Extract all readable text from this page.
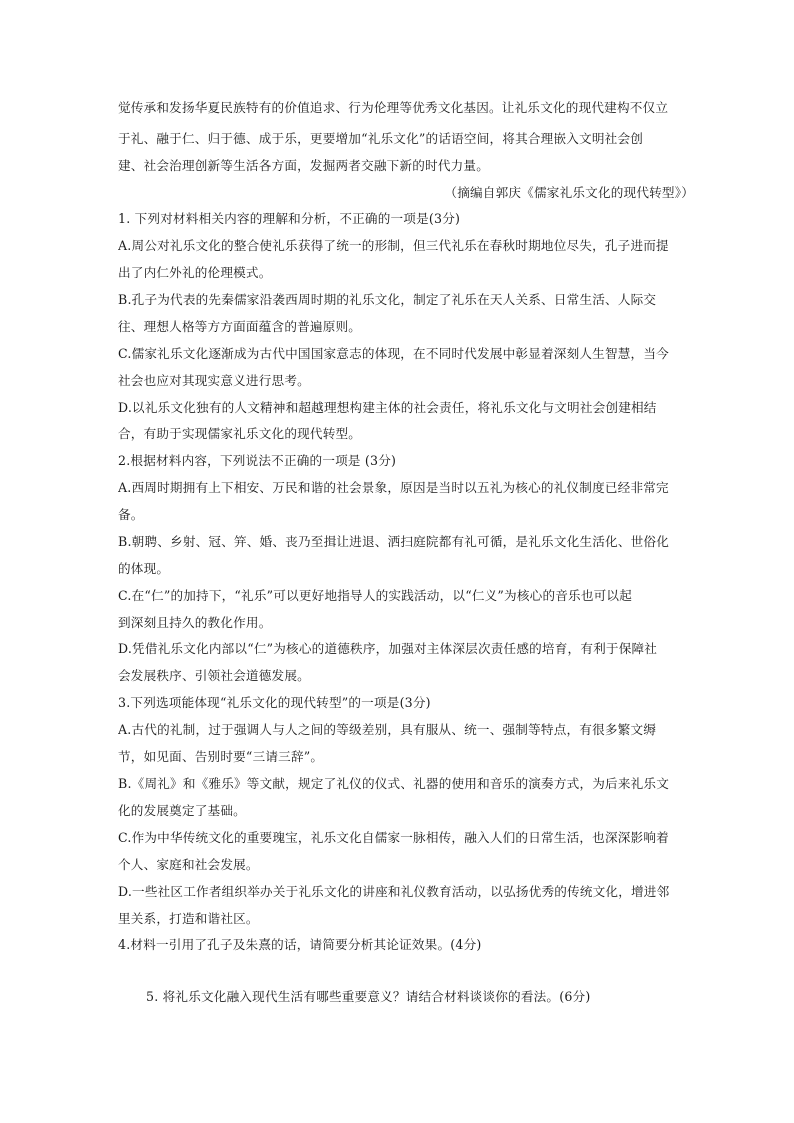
觉传承和发扬华夏民族特有的价值追求、行为伦理等优秀文化基因。让礼乐文化的现代建构不仅立
于礼、融于仁、归于德、成于乐，更要增加“礼乐文化”的话语空间，将其合理嵌入文明社会创
建、社会治理创新等生活各方面，发掘两者交融下新的时代力量。
（摘编自郭庆《儒家礼乐文化的现代转型》）
1. 下列对材料相关内容的理解和分析，不正确的一项是(3分)
A.周公对礼乐文化的整合使礼乐获得了统一的形制，但三代礼乐在春秋时期地位尽失，孔子进而提
出了内仁外礼的伦理模式。
B.孔子为代表的先秦儒家沿袭西周时期的礼乐文化，制定了礼乐在天人关系、日常生活、人际交
往、理想人格等方方面面蕴含的普遍原则。
C.儒家礼乐文化逐渐成为古代中国国家意志的体现，在不同时代发展中彰显着深刻人生智慧，当今
社会也应对其现实意义进行思考。
D.以礼乐文化独有的人文精神和超越理想构建主体的社会责任，将礼乐文化与文明社会创建相结
合，有助于实现儒家礼乐文化的现代转型。
2.根据材料内容，下列说法不正确的一项是 (3分)
A.西周时期拥有上下相安、万民和谐的社会景象，原因是当时以五礼为核心的礼仪制度已经非常完
备。
B.朝聘、乡射、冠、笄、婚、丧乃至揖让进退、洒扫庭院都有礼可循，是礼乐文化生活化、世俗化
的体现。
C.在“仁”的加持下，“礼乐”可以更好地指导人的实践活动，以“仁义”为核心的音乐也可以起
到深刻且持久的教化作用。
D.凭借礼乐文化内部以“仁”为核心的道德秩序，加强对主体深层次责任感的培育，有利于保障社
会发展秩序、引领社会道德发展。
3.下列选项能体现“礼乐文化的现代转型”的一项是(3分)
A.古代的礼制，过于强调人与人之间的等级差别，具有服从、统一、强制等特点，有很多繁文缛
节，如见面、告别时要“三请三辞”。
B.《周礼》和《雅乐》等文献，规定了礼仪的仪式、礼器的使用和音乐的演奏方式，为后来礼乐文
化的发展奠定了基础。
C.作为中华传统文化的重要瑰宝，礼乐文化自儒家一脉相传，融入人们的日常生活，也深深影响着
个人、家庭和社会发展。
D.一些社区工作者组织举办关于礼乐文化的讲座和礼仪教育活动，以弘扬优秀的传统文化，增进邻
里关系，打造和谐社区。
4.材料一引用了孔子及朱熹的话，请简要分析其论证效果。(4分)
5. 将礼乐文化融入现代生活有哪些重要意义？请结合材料谈谈你的看法。(6分)
